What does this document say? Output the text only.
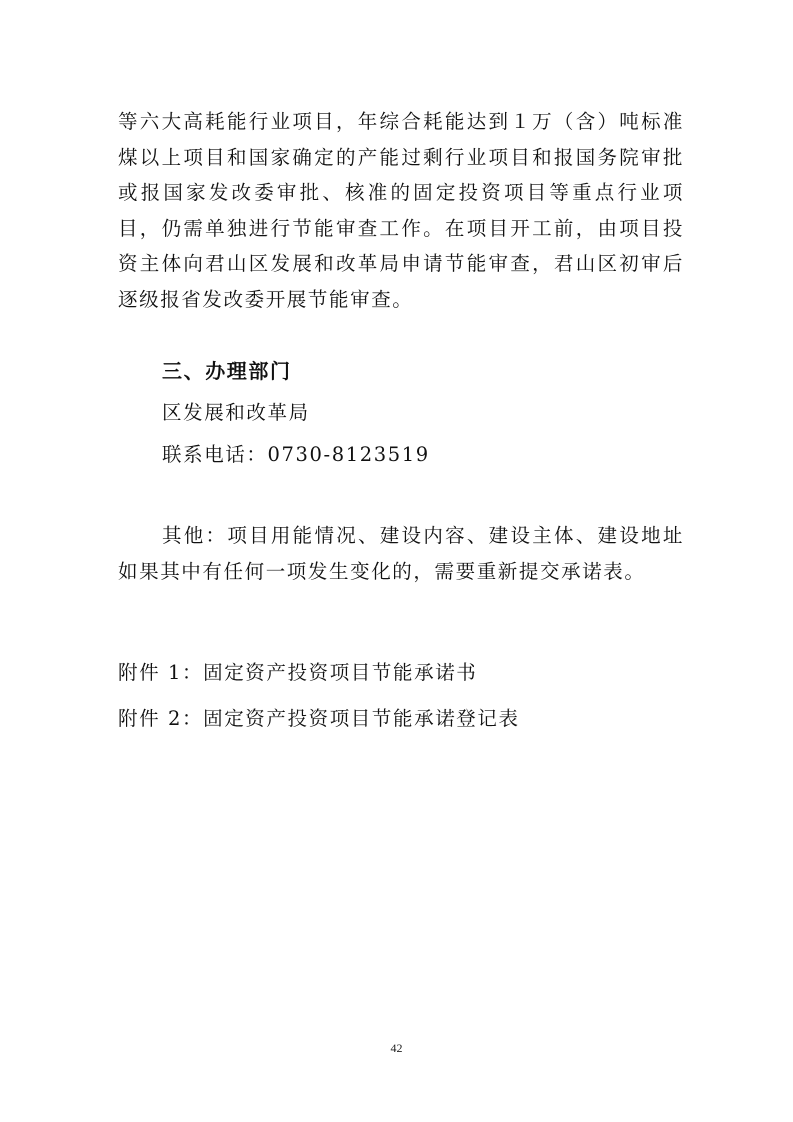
等六大高耗能行业项目，年综合耗能达到１万（含）吨标准煤以上项目和国家确定的产能过剩行业项目和报国务院审批或报国家发改委审批、核准的固定投资项目等重点行业项目，仍需单独进行节能审查工作。在项目开工前，由项目投资主体向君山区发展和改革局申请节能审查，君山区初审后逐级报省发改委开展节能审查。

三、办理部门

区发展和改革局

联系电话：0730-8123519

其他：项目用能情况、建设内容、建设主体、建设地址如果其中有任何一项发生变化的，需要重新提交承诺表。

附件 1：固定资产投资项目节能承诺书

附件 2：固定资产投资项目节能承诺登记表

42
